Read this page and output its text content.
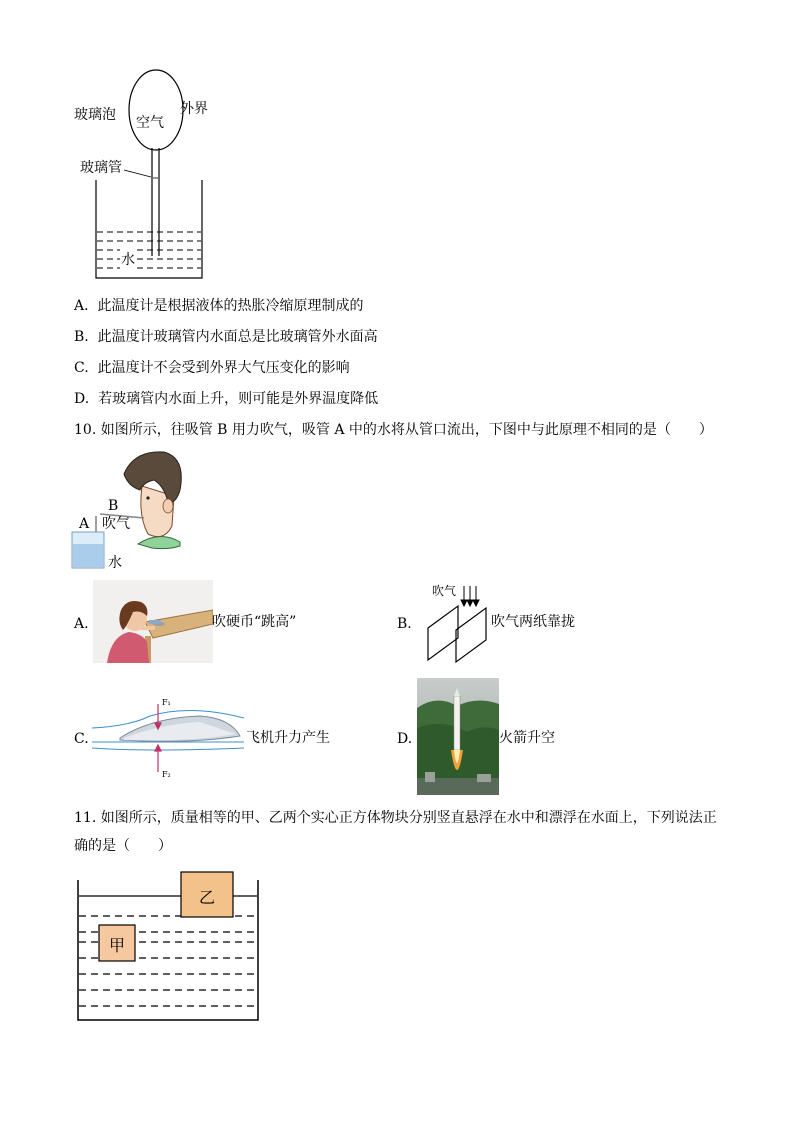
玻璃泡 空气
外界
玻璃管
水
A. 此温度计是根据液体的热胀冷缩原理制成的
B. 此温度计玻璃管内水面总是比玻璃管外水面高
C. 此温度计不会受到外界大气压变化的影响
D. 若玻璃管内水面上升，则可能是外界温度降低
10. 如图所示，往吸管 B 用力吹气，吸管 A 中的水将从管口流出，下图中与此原理不相同的是（　　）
B
A 吹气
水
A.	吹硬币“跳高”	B.
吹气
吹气两纸靠拢
C.
F₁
F₂
飞机升力产生	D.	火箭升空
11. 如图所示，质量相等的甲、乙两个实心正方体物块分别竖直悬浮在水中和漂浮在水面上，下列说法正
确的是（　　）
乙
甲
